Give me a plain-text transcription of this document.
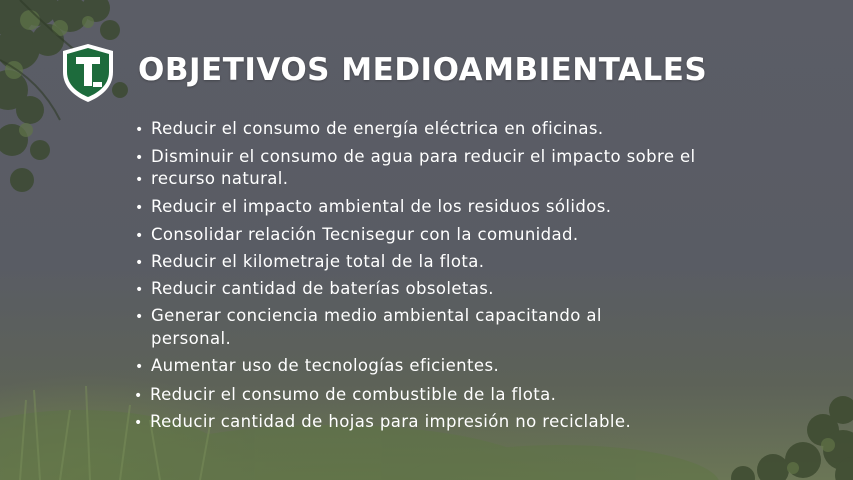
OBJETIVOS MEDIOAMBIENTALES
• Reducir el consumo de energía eléctrica en oficinas.
• Disminuir el consumo de agua para reducir el impacto sobre el
• recurso natural.
• Reducir el impacto ambiental de los residuos sólidos.
• Consolidar relación Tecnisegur con la comunidad.
• Reducir el kilometraje total de la flota.
• Reducir cantidad de baterías obsoletas.
• Generar conciencia medio ambiental capacitando al
personal.
• Aumentar uso de tecnologías eficientes.
• Reducir el consumo de combustible de la flota.
• Reducir cantidad de hojas para impresión no reciclable.
